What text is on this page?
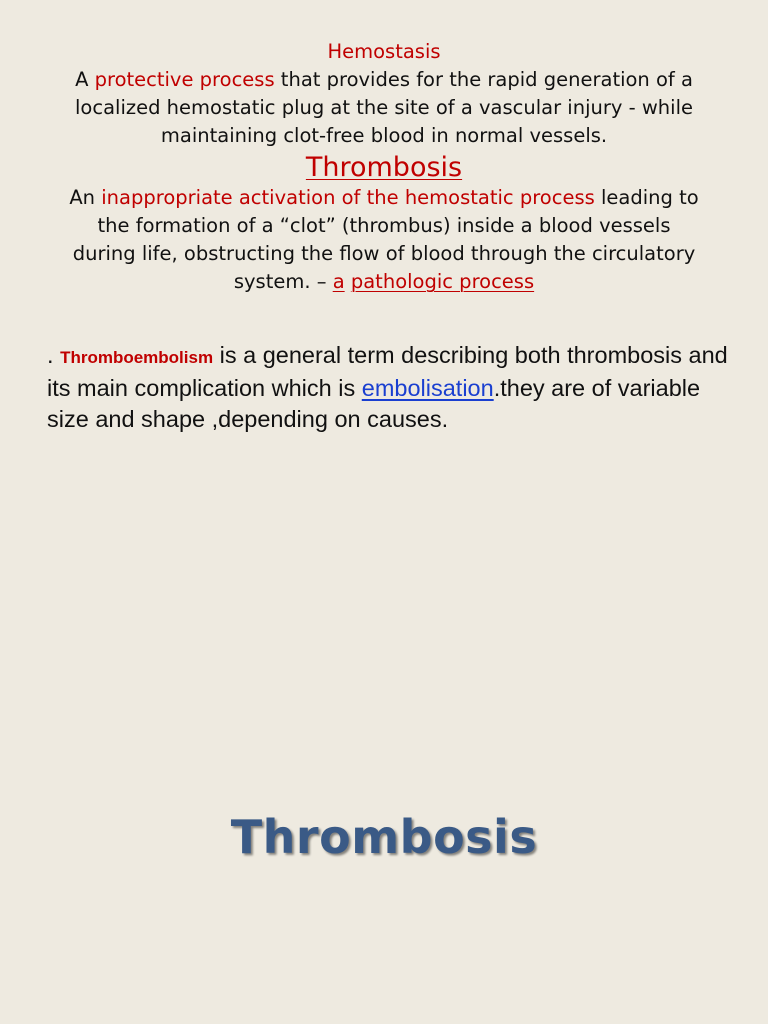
Hemostasis
A protective process that provides for the rapid generation of a
localized hemostatic plug at the site of a vascular injury - while
maintaining clot-free blood in normal vessels.
Thrombosis
An inappropriate activation of the hemostatic process leading to
the formation of a “clot” (thrombus) inside a blood vessels
during life, obstructing the flow of blood through the circulatory
system. – a pathologic process
. Thromboembolism is a general term describing both thrombosis and its main complication which is embolisation.they are of variable size and shape ,depending on causes.
Thrombosis
